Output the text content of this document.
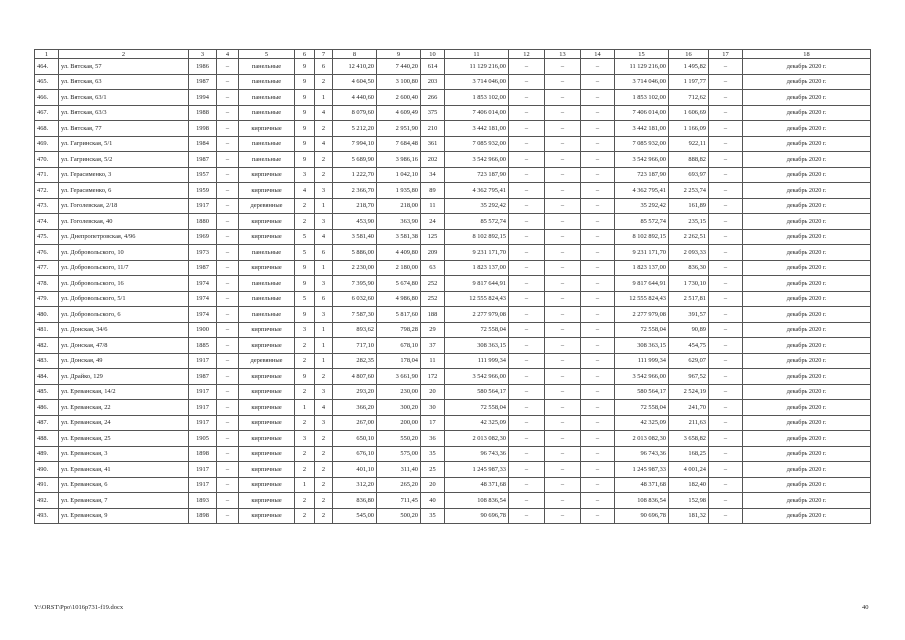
1	2	3	4	5	6	7	8	9	10	11	12	13	14	15	16	17	18
464.	ул. Вятская, 57	1986	–	панельные	9	6	12 410,20	7 440,20	614	11 129 216,00	–	–	–	11 129 216,00	1 495,82	–	декабрь 2020 г.
465.	ул. Вятская, 63	1987	–	панельные	9	2	4 604,50	3 100,80	203	3 714 046,00	–	–	–	3 714 046,00	1 197,77	–	декабрь 2020 г.
466.	ул. Вятская, 63/1	1994	–	панельные	9	1	4 440,60	2 600,40	266	1 853 102,00	–	–	–	1 853 102,00	712,62	–	декабрь 2020 г.
467.	ул. Вятская, 63/3	1988	–	панельные	9	4	8 079,60	4 609,49	375	7 406 014,00	–	–	–	7 406 014,00	1 606,69	–	декабрь 2020 г.
468.	ул. Вятская, 77	1998	–	кирпичные	9	2	5 212,20	2 951,90	210	3 442 181,00	–	–	–	3 442 181,00	1 166,09	–	декабрь 2020 г.
469.	ул. Гагринская, 5/1	1984	–	панельные	9	4	7 994,10	7 684,48	361	7 085 932,00	–	–	–	7 085 932,00	922,11	–	декабрь 2020 г.
470.	ул. Гагринская, 5/2	1987	–	панельные	9	2	5 689,90	3 986,16	202	3 542 966,00	–	–	–	3 542 966,00	888,82	–	декабрь 2020 г.
471.	ул. Герасименко, 3	1957	–	кирпичные	3	2	1 222,70	1 042,10	34	723 187,90	–	–	–	723 187,90	693,97	–	декабрь 2020 г.
472.	ул. Герасименко, 6	1959	–	кирпичные	4	3	2 366,70	1 935,80	89	4 362 795,41	–	–	–	4 362 795,41	2 253,74	–	декабрь 2020 г.
473.	ул. Гоголевская, 2/18	1917	–	деревянные	2	1	218,70	218,00	11	35 292,42	–	–	–	35 292,42	161,89	–	декабрь 2020 г.
474.	ул. Гоголевская, 40	1880	–	кирпичные	2	3	453,90	363,90	24	85 572,74	–	–	–	85 572,74	235,15	–	декабрь 2020 г.
475.	ул. Днепропетровская, 4/96	1969	–	кирпичные	5	4	3 581,40	3 581,38	125	8 102 892,15	–	–	–	8 102 892,15	2 262,51	–	декабрь 2020 г.
476.	ул. Добровольского, 10	1973	–	панельные	5	6	5 886,00	4 409,80	209	9 231 171,70	–	–	–	9 231 171,70	2 093,33	–	декабрь 2020 г.
477.	ул. Добровольского, 11/7	1987	–	кирпичные	9	1	2 230,00	2 180,00	63	1 823 137,00	–	–	–	1 823 137,00	836,30	–	декабрь 2020 г.
478.	ул. Добровольского, 16	1974	–	панельные	9	3	7 395,90	5 674,80	252	9 817 644,91	–	–	–	9 817 644,91	1 730,10	–	декабрь 2020 г.
479.	ул. Добровольского, 5/1	1974	–	панельные	5	6	6 032,60	4 986,80	252	12 555 824,43	–	–	–	12 555 824,43	2 517,81	–	декабрь 2020 г.
480.	ул. Добровольского, 6	1974	–	панельные	9	3	7 587,30	5 817,60	188	2 277 979,08	–	–	–	2 277 979,08	391,57	–	декабрь 2020 г.
481.	ул. Донская, 34/6	1900	–	кирпичные	3	1	893,62	798,28	29	72 558,04	–	–	–	72 558,04	90,89	–	декабрь 2020 г.
482.	ул. Донская, 47/8	1885	–	кирпичные	2	1	717,10	678,10	37	308 363,15	–	–	–	308 363,15	454,75	–	декабрь 2020 г.
483.	ул. Донская, 49	1917	–	деревянные	2	1	282,35	178,04	11	111 999,34	–	–	–	111 999,34	629,07	–	декабрь 2020 г.
484.	ул. Драйко, 129	1987	–	кирпичные	9	2	4 807,60	3 661,90	172	3 542 966,00	–	–	–	3 542 966,00	967,52	–	декабрь 2020 г.
485.	ул. Ереванская, 14/2	1917	–	кирпичные	2	3	293,20	230,00	20	580 564,17	–	–	–	580 564,17	2 524,19	–	декабрь 2020 г.
486.	ул. Ереванская, 22	1917	–	кирпичные	1	4	366,20	300,20	30	72 558,04	–	–	–	72 558,04	241,70	–	декабрь 2020 г.
487.	ул. Ереванская, 24	1917	–	кирпичные	2	3	267,00	200,00	17	42 325,09	–	–	–	42 325,09	211,63	–	декабрь 2020 г.
488.	ул. Ереванская, 25	1905	–	кирпичные	3	2	650,10	550,20	36	2 013 082,30	–	–	–	2 013 082,30	3 658,82	–	декабрь 2020 г.
489.	ул. Ереванская, 3	1898	–	кирпичные	2	2	676,10	575,00	35	96 743,36	–	–	–	96 743,36	168,25	–	декабрь 2020 г.
490.	ул. Ереванская, 41	1917	–	кирпичные	2	2	401,10	311,40	25	1 245 987,33	–	–	–	1 245 987,33	4 001,24	–	декабрь 2020 г.
491.	ул. Ереванская, 6	1917	–	кирпичные	1	2	312,20	265,20	20	48 371,68	–	–	–	48 371,68	182,40	–	декабрь 2020 г.
492.	ул. Ереванская, 7	1893	–	кирпичные	2	2	836,80	711,45	40	108 836,54	–	–	–	108 836,54	152,98	–	декабрь 2020 г.
493.	ул. Ереванская, 9	1898	–	кирпичные	2	2	545,00	500,20	35	90 696,78	–	–	–	90 696,78	181,32	–	декабрь 2020 г.
Y:\ORST\Ppo\1016p731-f19.docx	40
